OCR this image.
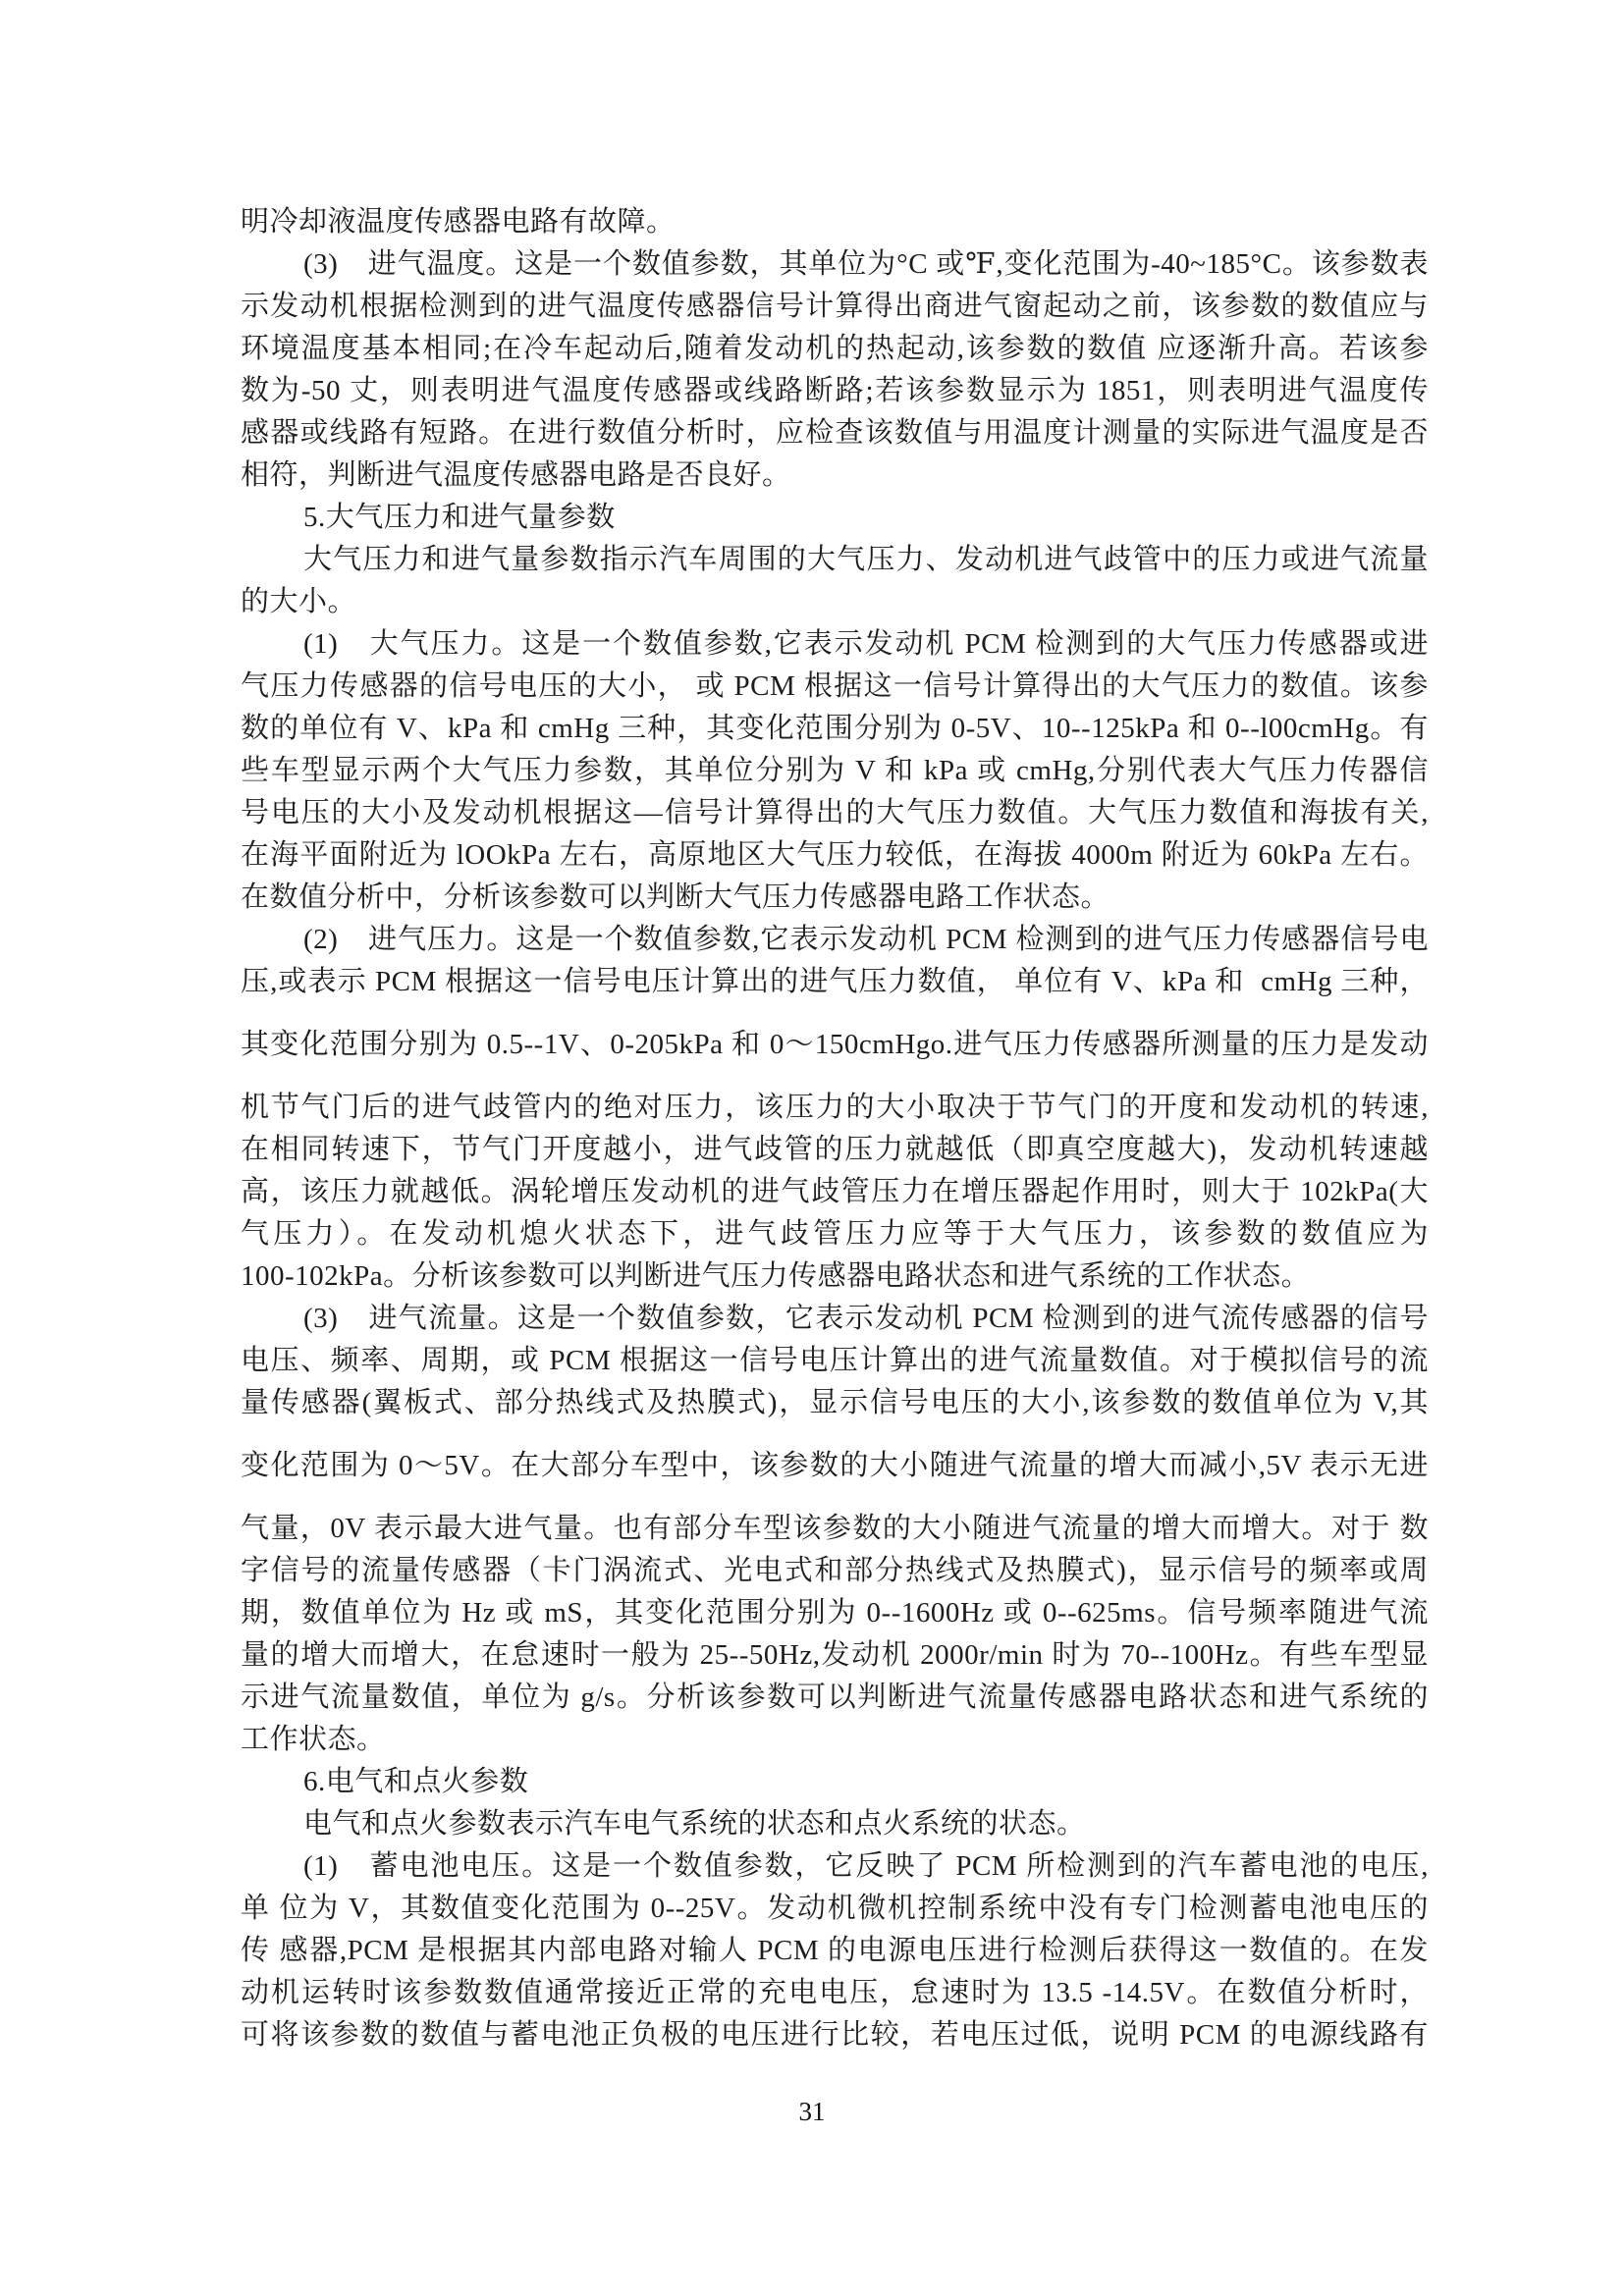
明冷却液温度传感器电路有故障。
(3)　进气温度。这是一个数值参数，其单位为°C 或℉,变化范围为-40~185°C。该参数表
示发动机根据检测到的进气温度传感器信号计算得出商进气窗起动之前，该参数的数值应与
环境温度基本相同;在冷车起动后,随着发动机的热起动,该参数的数值 应逐渐升高。若该参
数为-50 丈，则表明进气温度传感器或线路断路;若该参数显示为 1851，则表明进气温度传
感器或线路有短路。在进行数值分析时，应检查该数值与用温度计测量的实际进气温度是否
相符，判断进气温度传感器电路是否良好。
5.大气压力和进气量参数
大气压力和进气量参数指示汽车周围的大气压力、发动机进气歧管中的压力或进气流量
的大小。
(1)　大气压力。这是一个数值参数,它表示发动机 PCM 检测到的大气压力传感器或进
气压力传感器的信号电压的大小， 或 PCM 根据这一信号计算得出的大气压力的数值。该参
数的单位有 V、kPa 和 cmHg 三种，其变化范围分别为 0-5V、10--125kPa 和 0--l00cmHg。有
些车型显示两个大气压力参数，其单位分别为 V 和 kPa 或 cmHg,分别代表大气压力传器信
号电压的大小及发动机根据这—信号计算得出的大气压力数值。大气压力数值和海拔有关,
在海平面附近为 lOOkPa 左右，高原地区大气压力较低，在海拔 4000m 附近为 60kPa 左右。
在数值分析中，分析该参数可以判断大气压力传感器电路工作状态。
(2)　进气压力。这是一个数值参数,它表示发动机 PCM 检测到的进气压力传感器信号电
压,或表示 PCM 根据这一信号电压计算出的进气压力数值， 单位有 V、kPa 和  cmHg 三种，
其变化范围分别为 0.5--1V、0-205kPa 和 0〜150cmHgo.进气压力传感器所测量的压力是发动
机节气门后的进气歧管内的绝对压力，该压力的大小取决于节气门的开度和发动机的转速,
在相同转速下，节气门开度越小，进气歧管的压力就越低（即真空度越大)，发动机转速越
高，该压力就越低。涡轮增压发动机的进气歧管压力在增压器起作用时，则大于 102kPa(大
气压力）。在发动机熄火状态下，进气歧管压力应等于大气压力，该参数的数值应为
100-102kPa。分析该参数可以判断进气压力传感器电路状态和进气系统的工作状态。
(3)　进气流量。这是一个数值参数，它表示发动机 PCM 检测到的进气流传感器的信号
电压、频率、周期，或 PCM 根据这一信号电压计算出的进气流量数值。对于模拟信号的流
量传感器(翼板式、部分热线式及热膜式)，显示信号电压的大小,该参数的数值单位为 V,其
变化范围为 0〜5V。在大部分车型中，该参数的大小随进气流量的增大而减小,5V 表示无进
气量，0V 表示最大进气量。也有部分车型该参数的大小随进气流量的增大而增大。对于 数
字信号的流量传感器（卡门涡流式、光电式和部分热线式及热膜式)，显示信号的频率或周
期，数值单位为 Hz 或 mS，其变化范围分别为 0--1600Hz 或 0--625ms。信号频率随进气流
量的增大而增大，在怠速时一般为 25--50Hz,发动机 2000r/min 时为 70--100Hz。有些车型显
示进气流量数值，单位为 g/s。分析该参数可以判断进气流量传感器电路状态和进气系统的
工作状态。
6.电气和点火参数
电气和点火参数表示汽车电气系统的状态和点火系统的状态。
(1)　蓄电池电压。这是一个数值参数，它反映了 PCM 所检测到的汽车蓄电池的电压,
单 位为 V，其数值变化范围为 0--25V。发动机微机控制系统中没有专门检测蓄电池电压的
传 感器,PCM 是根据其内部电路对输人 PCM 的电源电压进行检测后获得这一数值的。在发
动机运转时该参数数值通常接近正常的充电电压，怠速时为 13.5 -14.5V。在数值分析时，
可将该参数的数值与蓄电池正负极的电压进行比较，若电压过低，说明 PCM 的电源线路有
31
